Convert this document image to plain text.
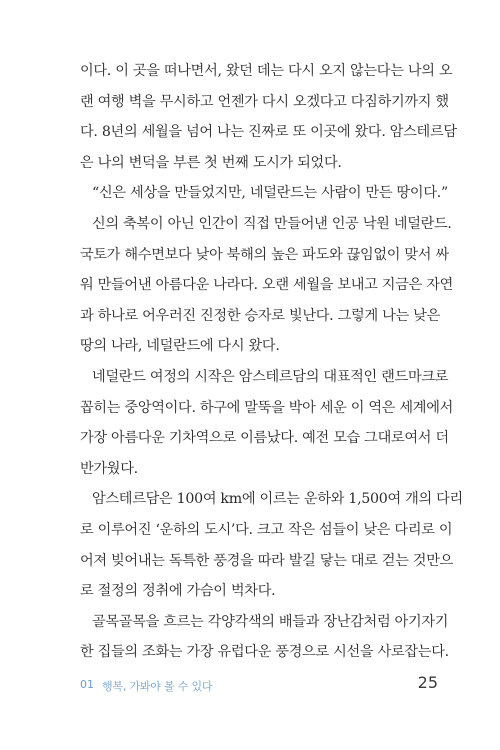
이다. 이 곳을 떠나면서, 왔던 데는 다시 오지 않는다는 나의 오
랜 여행 벽을 무시하고 언젠가 다시 오겠다고 다짐하기까지 했
다. 8년의 세월을 넘어 나는 진짜로 또 이곳에 왔다. 암스테르담
은 나의 변덕을 부른 첫 번째 도시가 되었다.
“신은 세상을 만들었지만, 네덜란드는 사람이 만든 땅이다.”
신의 축복이 아닌 인간이 직접 만들어낸 인공 낙원 네덜란드.
국토가 해수면보다 낮아 북해의 높은 파도와 끊임없이 맞서 싸
워 만들어낸 아름다운 나라다. 오랜 세월을 보내고 지금은 자연
과 하나로 어우러진 진정한 승자로 빛난다. 그렇게 나는 낮은
땅의 나라, 네덜란드에 다시 왔다.
네덜란드 여정의 시작은 암스테르담의 대표적인 랜드마크로
꼽히는 중앙역이다. 하구에 말뚝을 박아 세운 이 역은 세계에서
가장 아름다운 기차역으로 이름났다. 예전 모습 그대로여서 더
반가웠다.
암스테르담은 100여 km에 이르는 운하와 1,500여 개의 다리
로 이루어진 ‘운하의 도시’다. 크고 작은 섬들이 낮은 다리로 이
어져 빚어내는 독특한 풍경을 따라 발길 닿는 대로 걷는 것만으
로 절정의 정취에 가슴이 벅차다.
골목골목을 흐르는 각양각색의 배들과 장난감처럼 아기자기
한 집들의 조화는 가장 유럽다운 풍경으로 시선을 사로잡는다.
01 행복, 가봐야 볼 수 있다	25
